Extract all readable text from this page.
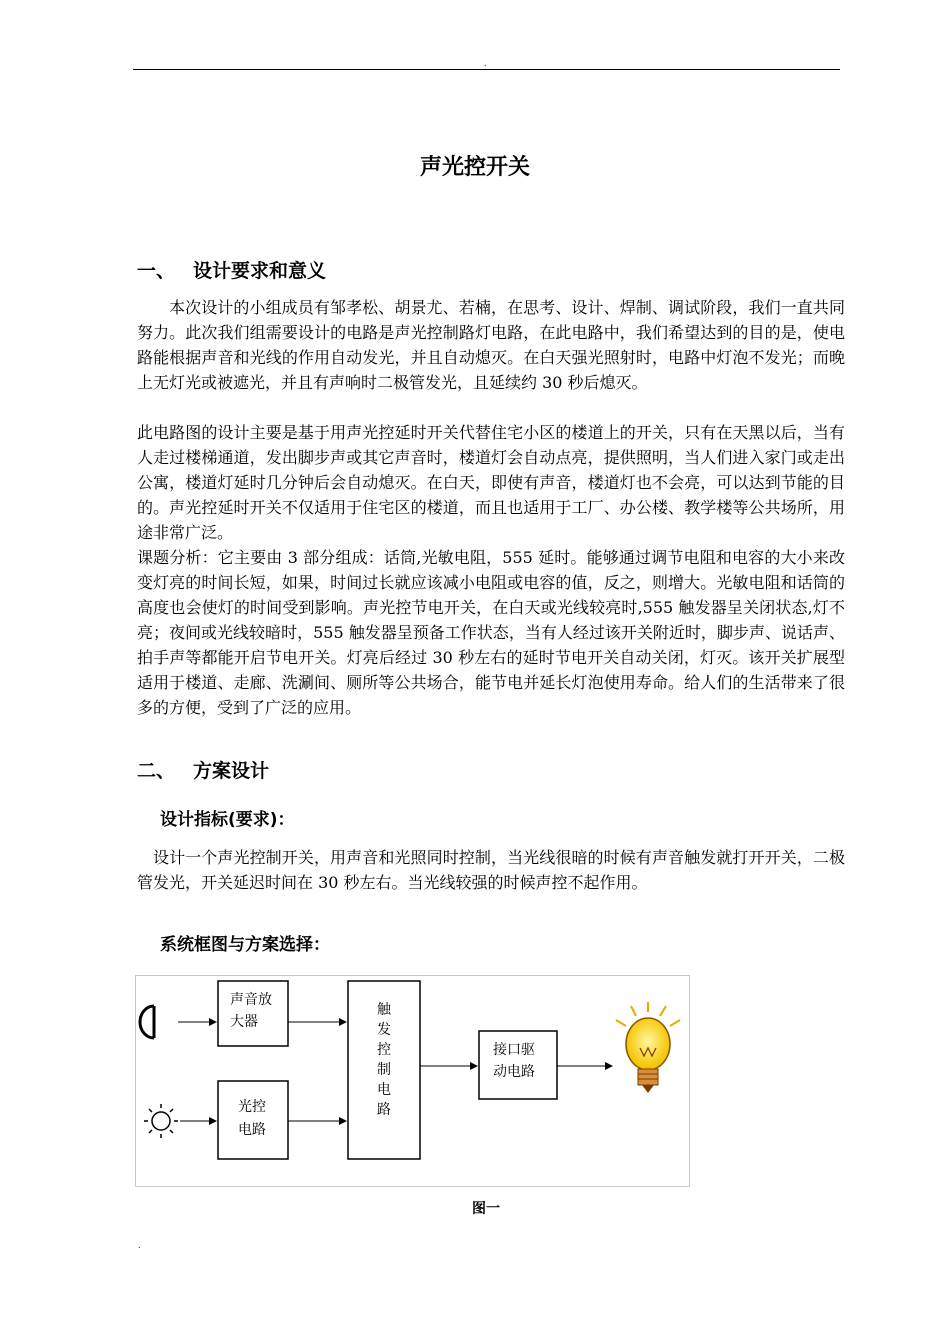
.
声光控开关
一、 设计要求和意义

本次设计的小组成员有邹孝松、胡景尤、若楠，在思考、设计、焊制、调试阶段，我们一直共同努力。此次我们组需要设计的电路是声光控制路灯电路，在此电路中，我们希望达到的目的是，使电路能根据声音和光线的作用自动发光，并且自动熄灭。在白天强光照射时，电路中灯泡不发光；而晚上无灯光或被遮光，并且有声响时二极管发光，且延续约 30 秒后熄灭。

此电路图的设计主要是基于用声光控延时开关代替住宅小区的楼道上的开关，只有在天黑以后，当有人走过楼梯通道，发出脚步声或其它声音时，楼道灯会自动点亮，提供照明，当人们进入家门或走出公寓，楼道灯延时几分钟后会自动熄灭。在白天，即使有声音，楼道灯也不会亮，可以达到节能的目的。声光控延时开关不仅适用于住宅区的楼道，而且也适用于工厂、办公楼、教学楼等公共场所，用途非常广泛。

课题分析：它主要由 3 部分组成：话筒,光敏电阻，555 延时。能够通过调节电阻和电容的大小来改变灯亮的时间长短，如果，时间过长就应该减小电阻或电容的值，反之，则增大。光敏电阻和话筒的高度也会使灯的时间受到影响。声光控节电开关，在白天或光线较亮时,555 触发器呈关闭状态,灯不亮；夜间或光线较暗时，555 触发器呈预备工作状态，当有人经过该开关附近时，脚步声、说话声、拍手声等都能开启节电开关。灯亮后经过 30 秒左右的延时节电开关自动关闭，灯灭。该开关扩展型适用于楼道、走廊、洗涮间、厕所等公共场合，能节电并延长灯泡使用寿命。给人们的生活带来了很多的方便，受到了广泛的应用。

二、 方案设计
设计指标(要求)：

设计一个声光控制开关，用声音和光照同时控制，当光线很暗的时候有声音触发就打开开关，二极管发光，开关延迟时间在 30 秒左右。当光线较强的时候声控不起作用。

系统框图与方案选择：
声音放
大器
光控
电路
触
发
控
制
电
路
接口驱
动电路
图一
.
